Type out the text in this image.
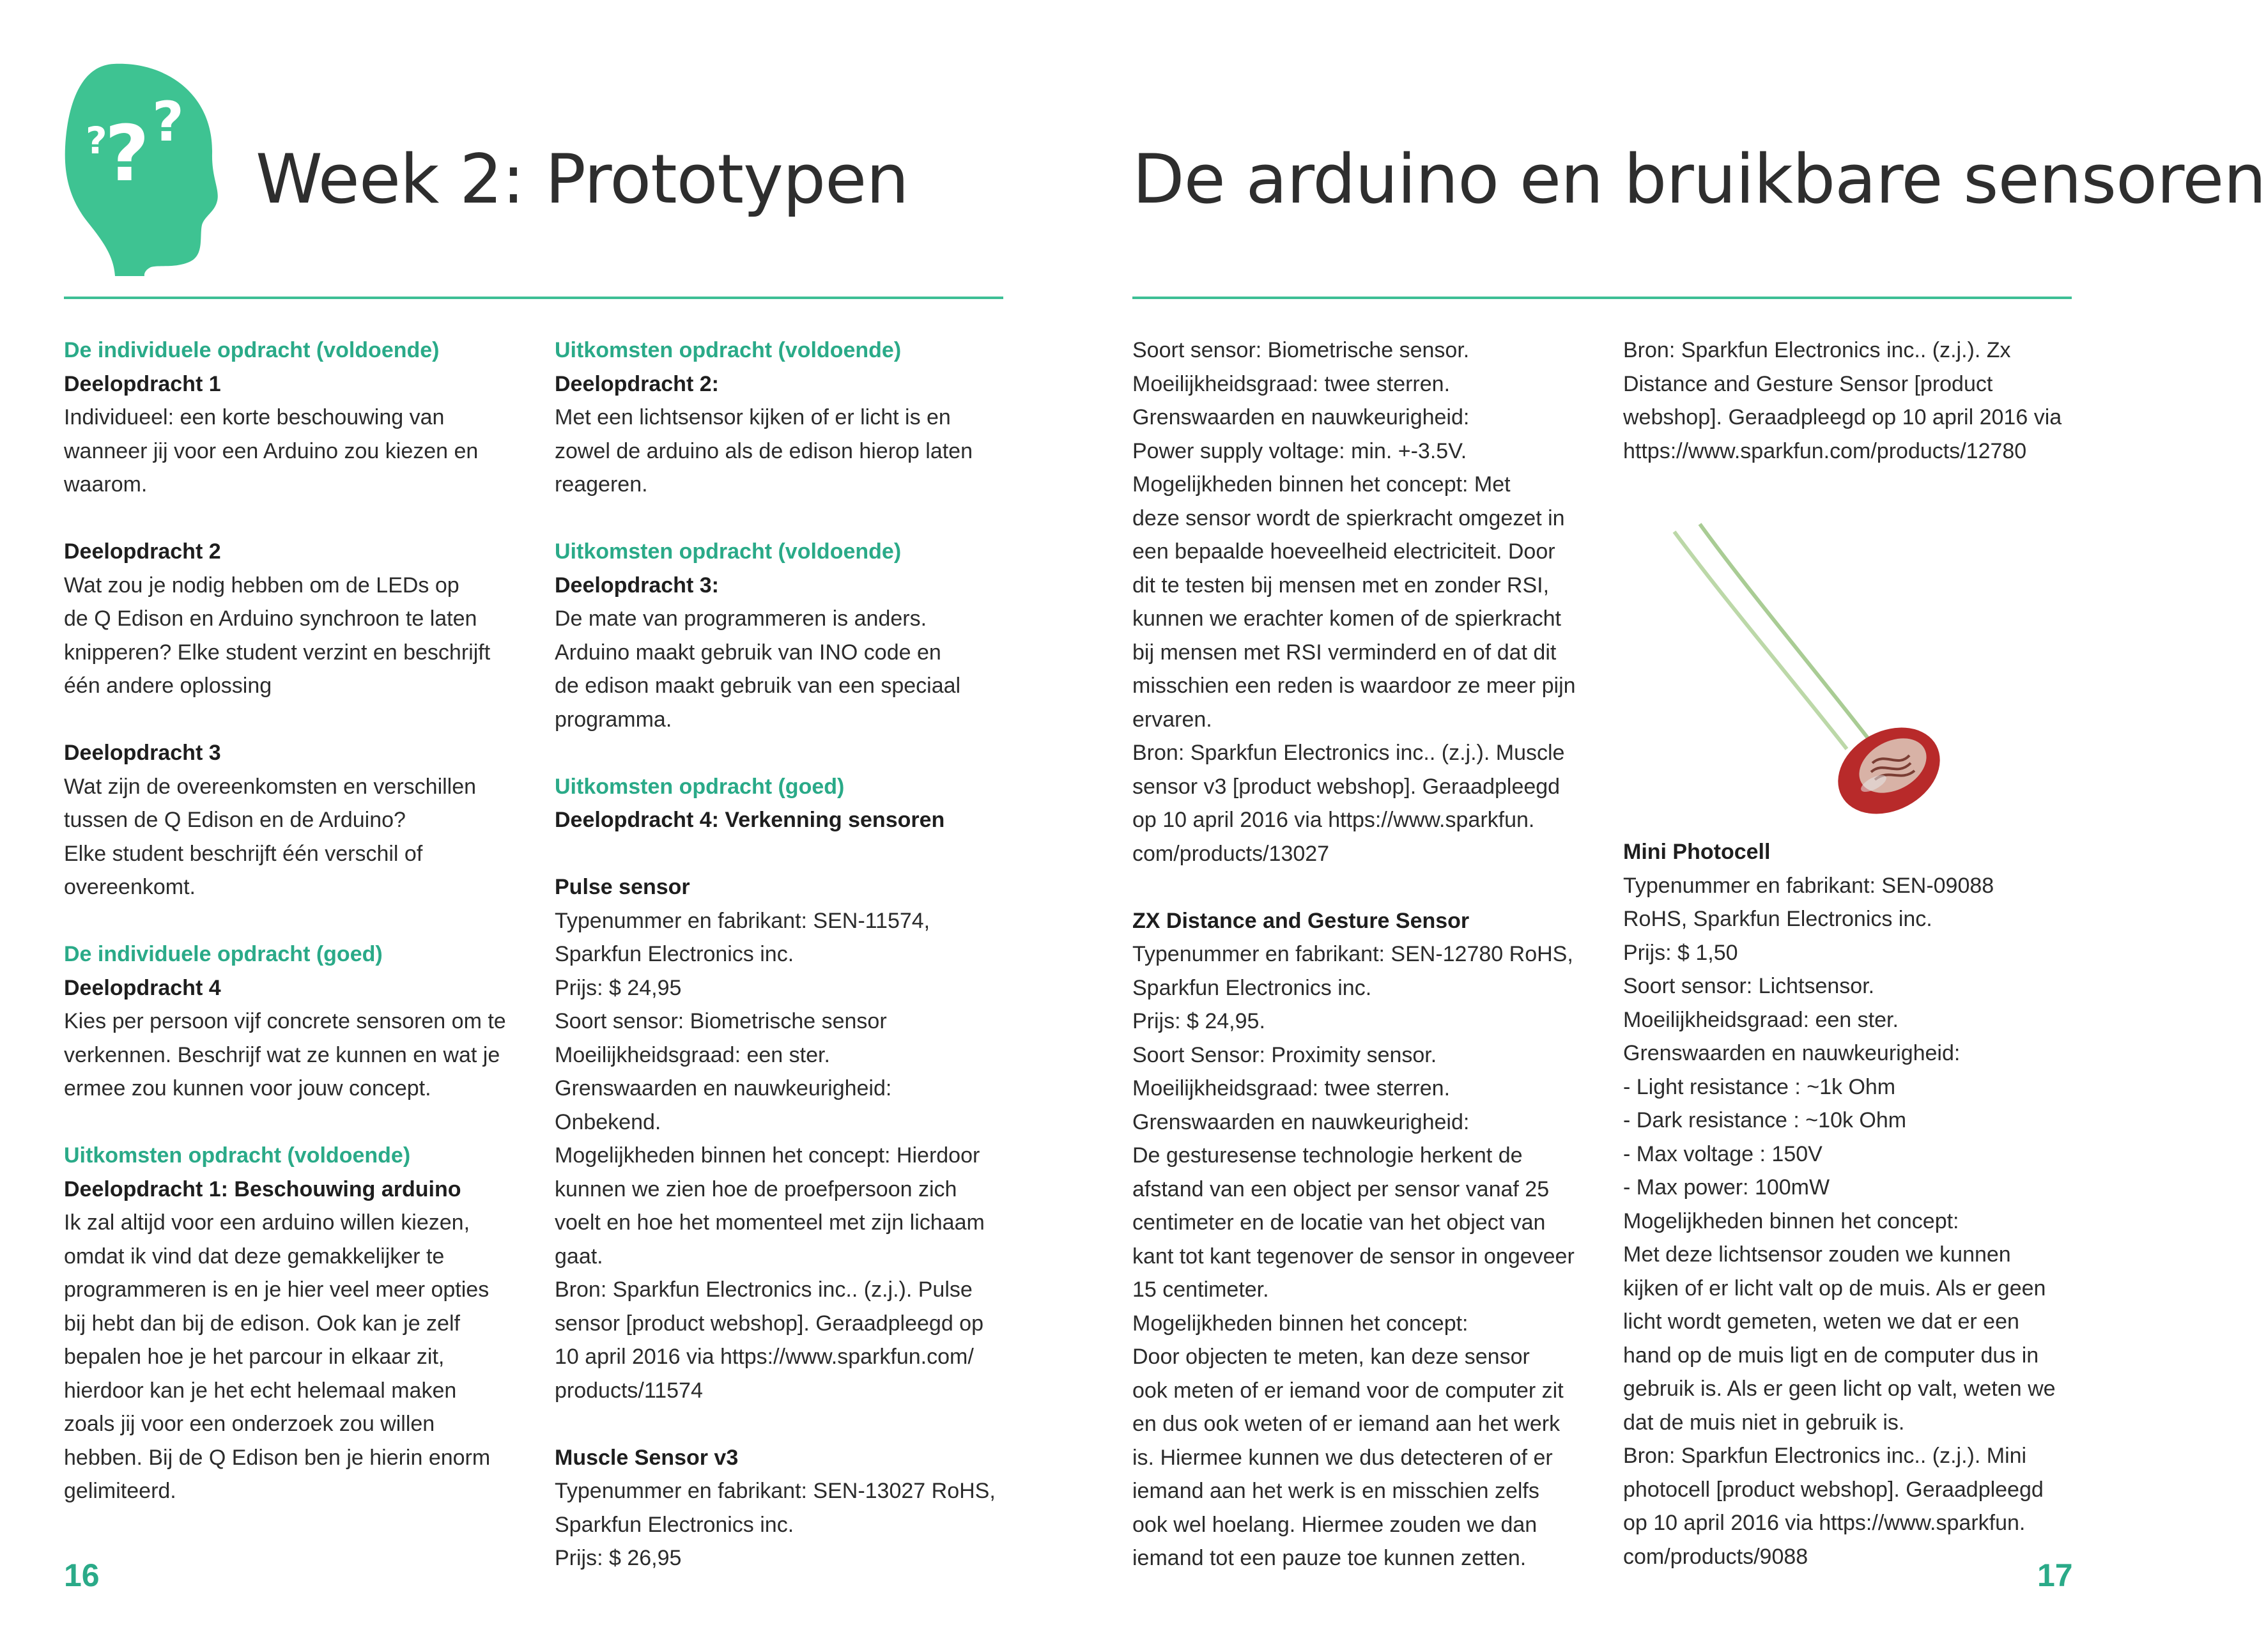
?
? ?
Week 2: Prototypen	De arduino en bruikbare sensoren

De individuele opdracht (voldoende)

Deelopdracht 1

Individueel: een korte beschouwing van

wanneer jij voor een Arduino zou kiezen en

waarom.

Deelopdracht 2

Wat zou je nodig hebben om de LEDs op

de Q Edison en Arduino synchroon te laten

knipperen? Elke student verzint en beschrijft

één andere oplossing

Deelopdracht 3

Wat zijn de overeenkomsten en verschillen

tussen de Q Edison en de Arduino?

Elke student beschrijft één verschil of

overeenkomt.

De individuele opdracht (goed)

Deelopdracht 4

Kies per persoon vijf concrete sensoren om te

verkennen. Beschrijf wat ze kunnen en wat je

ermee zou kunnen voor jouw concept.

Uitkomsten opdracht (voldoende)

Deelopdracht 1: Beschouwing arduino

Ik zal altijd voor een arduino willen kiezen,

omdat ik vind dat deze gemakkelijker te

programmeren is en je hier veel meer opties

bij hebt dan bij de edison. Ook kan je zelf

bepalen hoe je het parcour in elkaar zit,

hierdoor kan je het echt helemaal maken

zoals jij voor een onderzoek zou willen

hebben. Bij de Q Edison ben je hierin enorm

gelimiteerd.

Uitkomsten opdracht (voldoende)

Deelopdracht 2:

Met een lichtsensor kijken of er licht is en

zowel de arduino als de edison hierop laten

reageren.

Uitkomsten opdracht (voldoende)

Deelopdracht 3:

De mate van programmeren is anders.

Arduino maakt gebruik van INO code en

de edison maakt gebruik van een speciaal

programma.

Uitkomsten opdracht (goed)

Deelopdracht 4: Verkenning sensoren

Pulse sensor

Typenummer en fabrikant: SEN-11574,

Sparkfun Electronics inc.

Prijs: $ 24,95

Soort sensor: Biometrische sensor

Moeilijkheidsgraad: een ster.

Grenswaarden en nauwkeurigheid:

Onbekend.

Mogelijkheden binnen het concept: Hierdoor

kunnen we zien hoe de proefpersoon zich

voelt en hoe het momenteel met zijn lichaam

gaat.

Bron: Sparkfun Electronics inc.. (z.j.). Pulse

sensor [product webshop]. Geraadpleegd op

10 april 2016 via https://www.sparkfun.com/

products/11574

Muscle Sensor v3

Typenummer en fabrikant: SEN-13027 RoHS,

Sparkfun Electronics inc.

Prijs: $ 26,95

Soort sensor: Biometrische sensor.

Moeilijkheidsgraad: twee sterren.

Grenswaarden en nauwkeurigheid:

Power supply voltage: min. +-3.5V.

Mogelijkheden binnen het concept: Met

deze sensor wordt de spierkracht omgezet in

een bepaalde hoeveelheid electriciteit. Door

dit te testen bij mensen met en zonder RSI,

kunnen we erachter komen of de spierkracht

bij mensen met RSI verminderd en of dat dit

misschien een reden is waardoor ze meer pijn

ervaren.

Bron: Sparkfun Electronics inc.. (z.j.). Muscle

sensor v3 [product webshop]. Geraadpleegd

op 10 april 2016 via https://www.sparkfun.

com/products/13027

ZX Distance and Gesture Sensor

Typenummer en fabrikant: SEN-12780 RoHS,

Sparkfun Electronics inc.

Prijs: $ 24,95.

Soort Sensor: Proximity sensor.

Moeilijkheidsgraad: twee sterren.

Grenswaarden en nauwkeurigheid:

De gesturesense technologie herkent de

afstand van een object per sensor vanaf 25

centimeter en de locatie van het object van

kant tot kant tegenover de sensor in ongeveer

15 centimeter.

Mogelijkheden binnen het concept:

Door objecten te meten, kan deze sensor

ook meten of er iemand voor de computer zit

en dus ook weten of er iemand aan het werk

is. Hiermee kunnen we dus detecteren of er

iemand aan het werk is en misschien zelfs

ook wel hoelang. Hiermee zouden we dan

iemand tot een pauze toe kunnen zetten.

Bron: Sparkfun Electronics inc.. (z.j.). Zx

Distance and Gesture Sensor [product

webshop]. Geraadpleegd op 10 april 2016 via

https://www.sparkfun.com/products/12780

Mini Photocell

Typenummer en fabrikant: SEN-09088

RoHS, Sparkfun Electronics inc.

Prijs: $ 1,50

Soort sensor: Lichtsensor.

Moeilijkheidsgraad: een ster.

Grenswaarden en nauwkeurigheid:

- Light resistance : ~1k Ohm

- Dark resistance : ~10k Ohm

- Max voltage : 150V

- Max power: 100mW

Mogelijkheden binnen het concept:

Met deze lichtsensor zouden we kunnen

kijken of er licht valt op de muis. Als er geen

licht wordt gemeten, weten we dat er een

hand op de muis ligt en de computer dus in

gebruik is. Als er geen licht op valt, weten we

dat de muis niet in gebruik is.

Bron: Sparkfun Electronics inc.. (z.j.). Mini

photocell [product webshop]. Geraadpleegd

op 10 april 2016 via https://www.sparkfun.

com/products/9088

16	17
